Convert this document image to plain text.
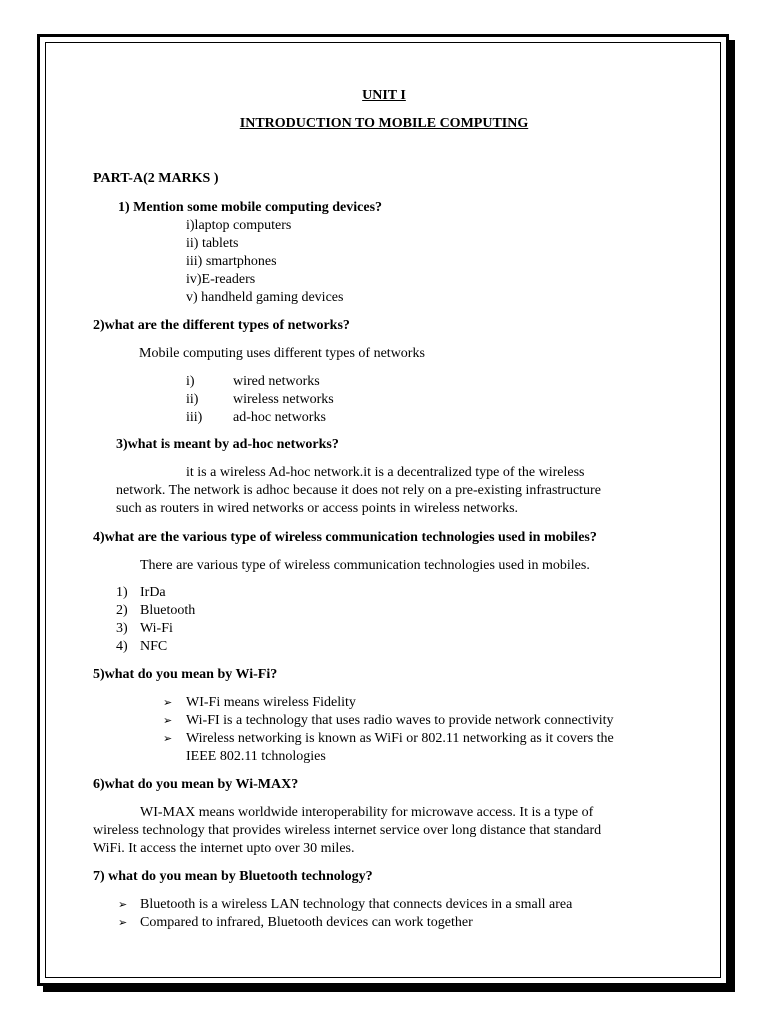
UNIT I
INTRODUCTION TO MOBILE COMPUTING
PART-A(2 MARKS )
1) Mention some mobile computing devices?
i)laptop computers
ii) tablets
iii) smartphones
iv)E-readers
v) handheld gaming devices
2)what are the different types of networks?
Mobile computing uses different types of networks
i)	wired networks
ii) wireless networks
iii) ad-hoc networks
3)what is meant by ad-hoc networks?
it is a wireless Ad-hoc network.it is a decentralized type of the wireless
network. The network is adhoc because it does not rely on a pre-existing infrastructure
such as routers in wired networks or access points in wireless networks.
4)what are the various type of wireless communication technologies used in mobiles?
There are various type of wireless communication technologies used in mobiles.
1) IrDa
2) Bluetooth
3) Wi-Fi
4) NFC
5)what do you mean by Wi-Fi?
➢ WI-Fi means wireless Fidelity
➢ Wi-FI is a technology that uses radio waves to provide network connectivity
➢ Wireless networking is known as WiFi or 802.11 networking as it covers the
IEEE 802.11 tchnologies
6)what do you mean by Wi-MAX?
WI-MAX means worldwide interoperability for microwave access. It is a type of
wireless technology that provides wireless internet service over long distance that standard
WiFi. It access the internet upto over 30 miles.
7) what do you mean by Bluetooth technology?
➢ Bluetooth is a wireless LAN technology that connects devices in a small area
➢ Compared to infrared, Bluetooth devices can work together
